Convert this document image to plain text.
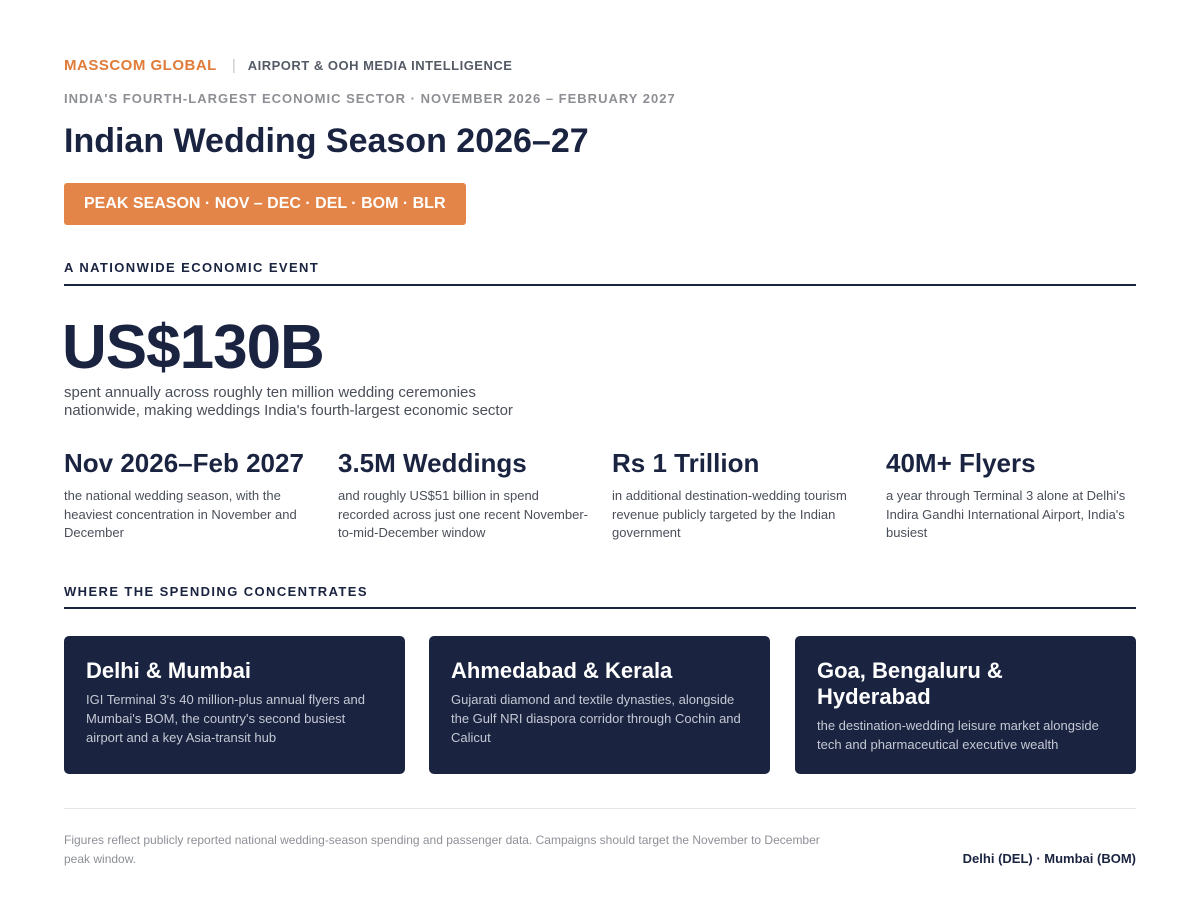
MASSCOM GLOBAL | AIRPORT & OOH MEDIA INTELLIGENCE
INDIA'S FOURTH-LARGEST ECONOMIC SECTOR · NOVEMBER 2026 – FEBRUARY 2027
Indian Wedding Season 2026–27
PEAK SEASON · NOV – DEC · DEL · BOM · BLR
A NATIONWIDE ECONOMIC EVENT
US$130B
spent annually across roughly ten million wedding ceremonies nationwide, making weddings India's fourth-largest economic sector
Nov 2026–Feb 2027
the national wedding season, with the heaviest concentration in November and December
3.5M Weddings
and roughly US$51 billion in spend recorded across just one recent November-to-mid-December window
Rs 1 Trillion
in additional destination-wedding tourism revenue publicly targeted by the Indian government
40M+ Flyers
a year through Terminal 3 alone at Delhi's Indira Gandhi International Airport, India's busiest
WHERE THE SPENDING CONCENTRATES
Delhi & Mumbai
IGI Terminal 3's 40 million-plus annual flyers and Mumbai's BOM, the country's second busiest airport and a key Asia-transit hub
Ahmedabad & Kerala
Gujarati diamond and textile dynasties, alongside the Gulf NRI diaspora corridor through Cochin and Calicut
Goa, Bengaluru & Hyderabad
the destination-wedding leisure market alongside tech and pharmaceutical executive wealth
Figures reflect publicly reported national wedding-season spending and passenger data. Campaigns should target the November to December peak window.	Delhi (DEL) · Mumbai (BOM)
